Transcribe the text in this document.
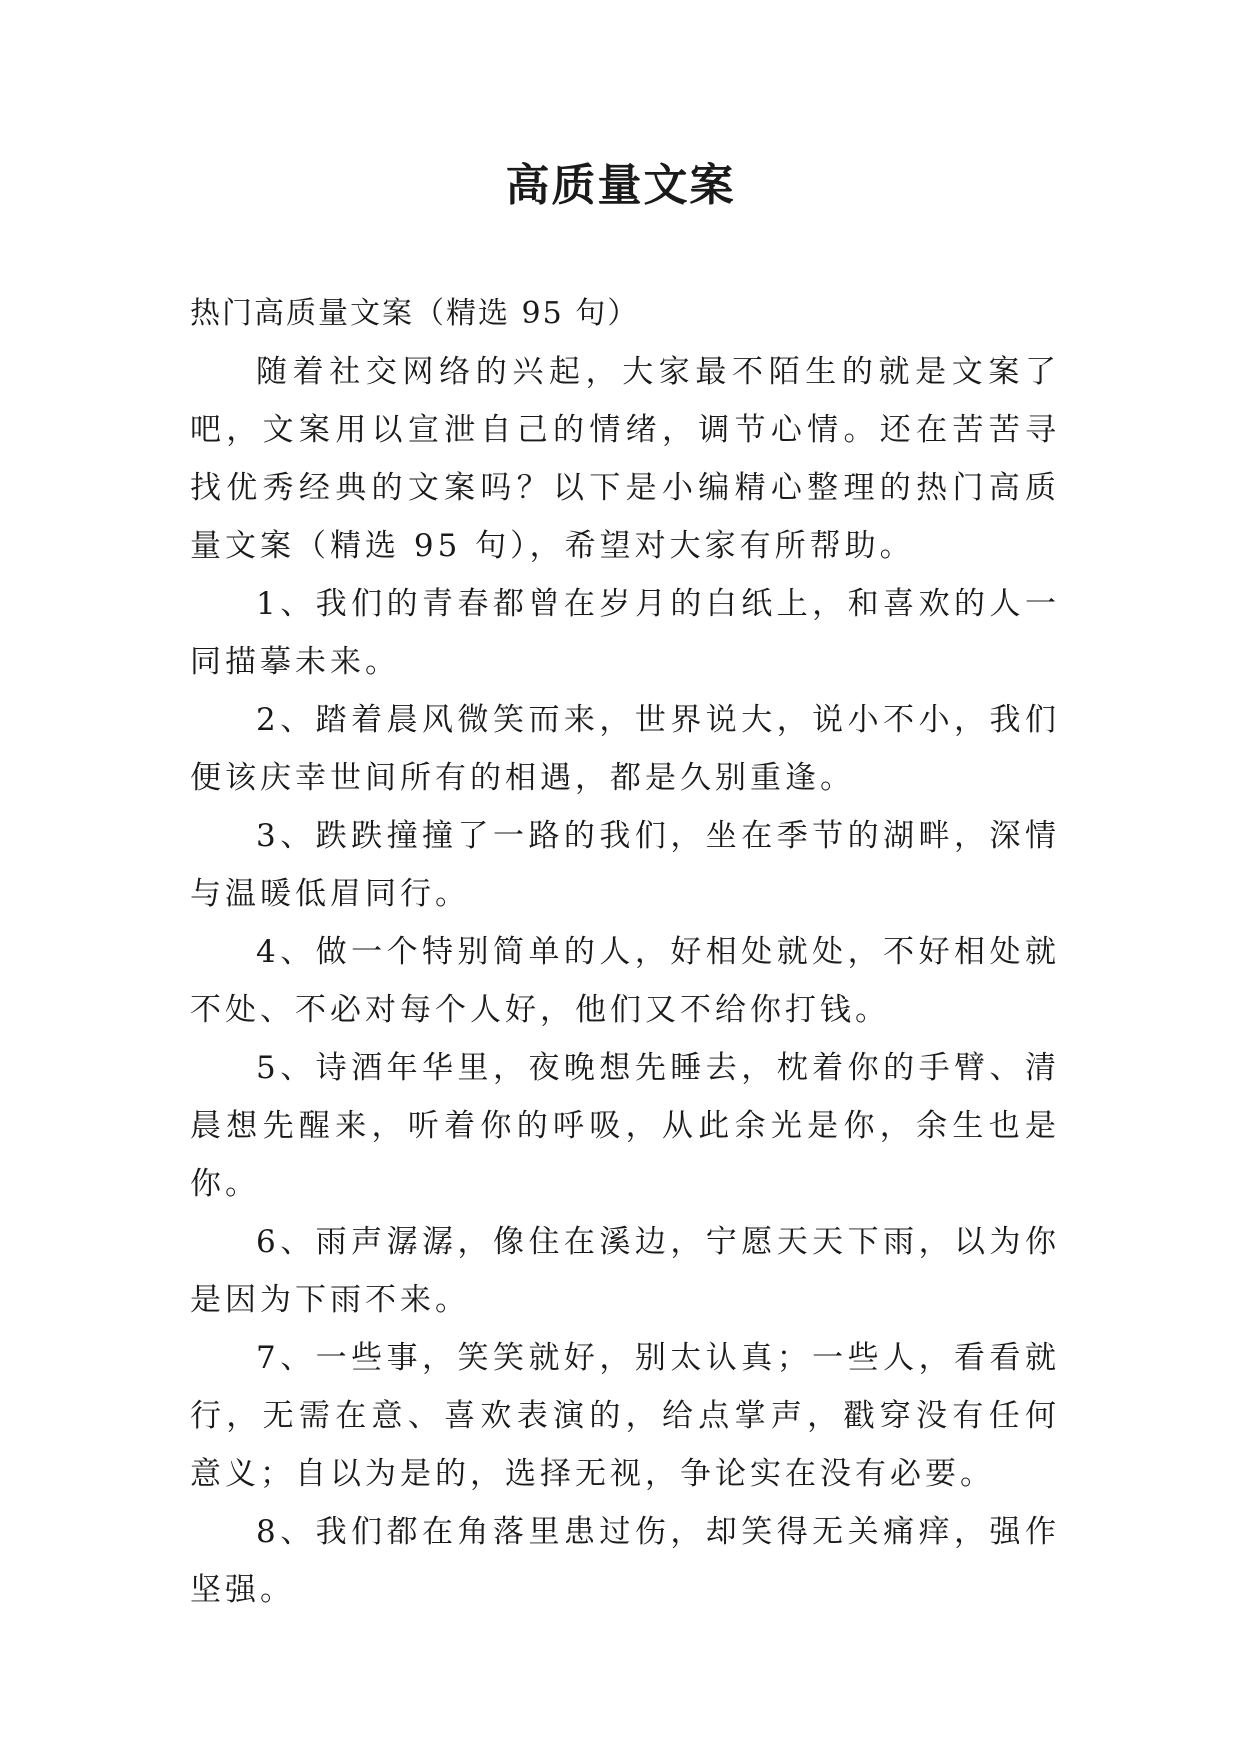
高质量文案

热门高质量文案（精选 95 句）

随着社交网络的兴起，大家最不陌生的就是文案了吧，文案用以宣泄自己的情绪，调节心情。还在苦苦寻找优秀经典的文案吗？以下是小编精心整理的热门高质量文案（精选 95 句），希望对大家有所帮助。

1、我们的青春都曾在岁月的白纸上，和喜欢的人一同描摹未来。

2、踏着晨风微笑而来，世界说大，说小不小，我们便该庆幸世间所有的相遇，都是久别重逢。

3、跌跌撞撞了一路的我们，坐在季节的湖畔，深情与温暖低眉同行。

4、做一个特别简单的人，好相处就处，不好相处就不处、不必对每个人好，他们又不给你打钱。

5、诗酒年华里，夜晚想先睡去，枕着你的手臂、清晨想先醒来，听着你的呼吸，从此余光是你，余生也是你。

6、雨声潺潺，像住在溪边，宁愿天天下雨，以为你是因为下雨不来。

7、一些事，笑笑就好，别太认真；一些人，看看就行，无需在意、喜欢表演的，给点掌声，戳穿没有任何意义；自以为是的，选择无视，争论实在没有必要。

8、我们都在角落里患过伤，却笑得无关痛痒，强作坚强。
